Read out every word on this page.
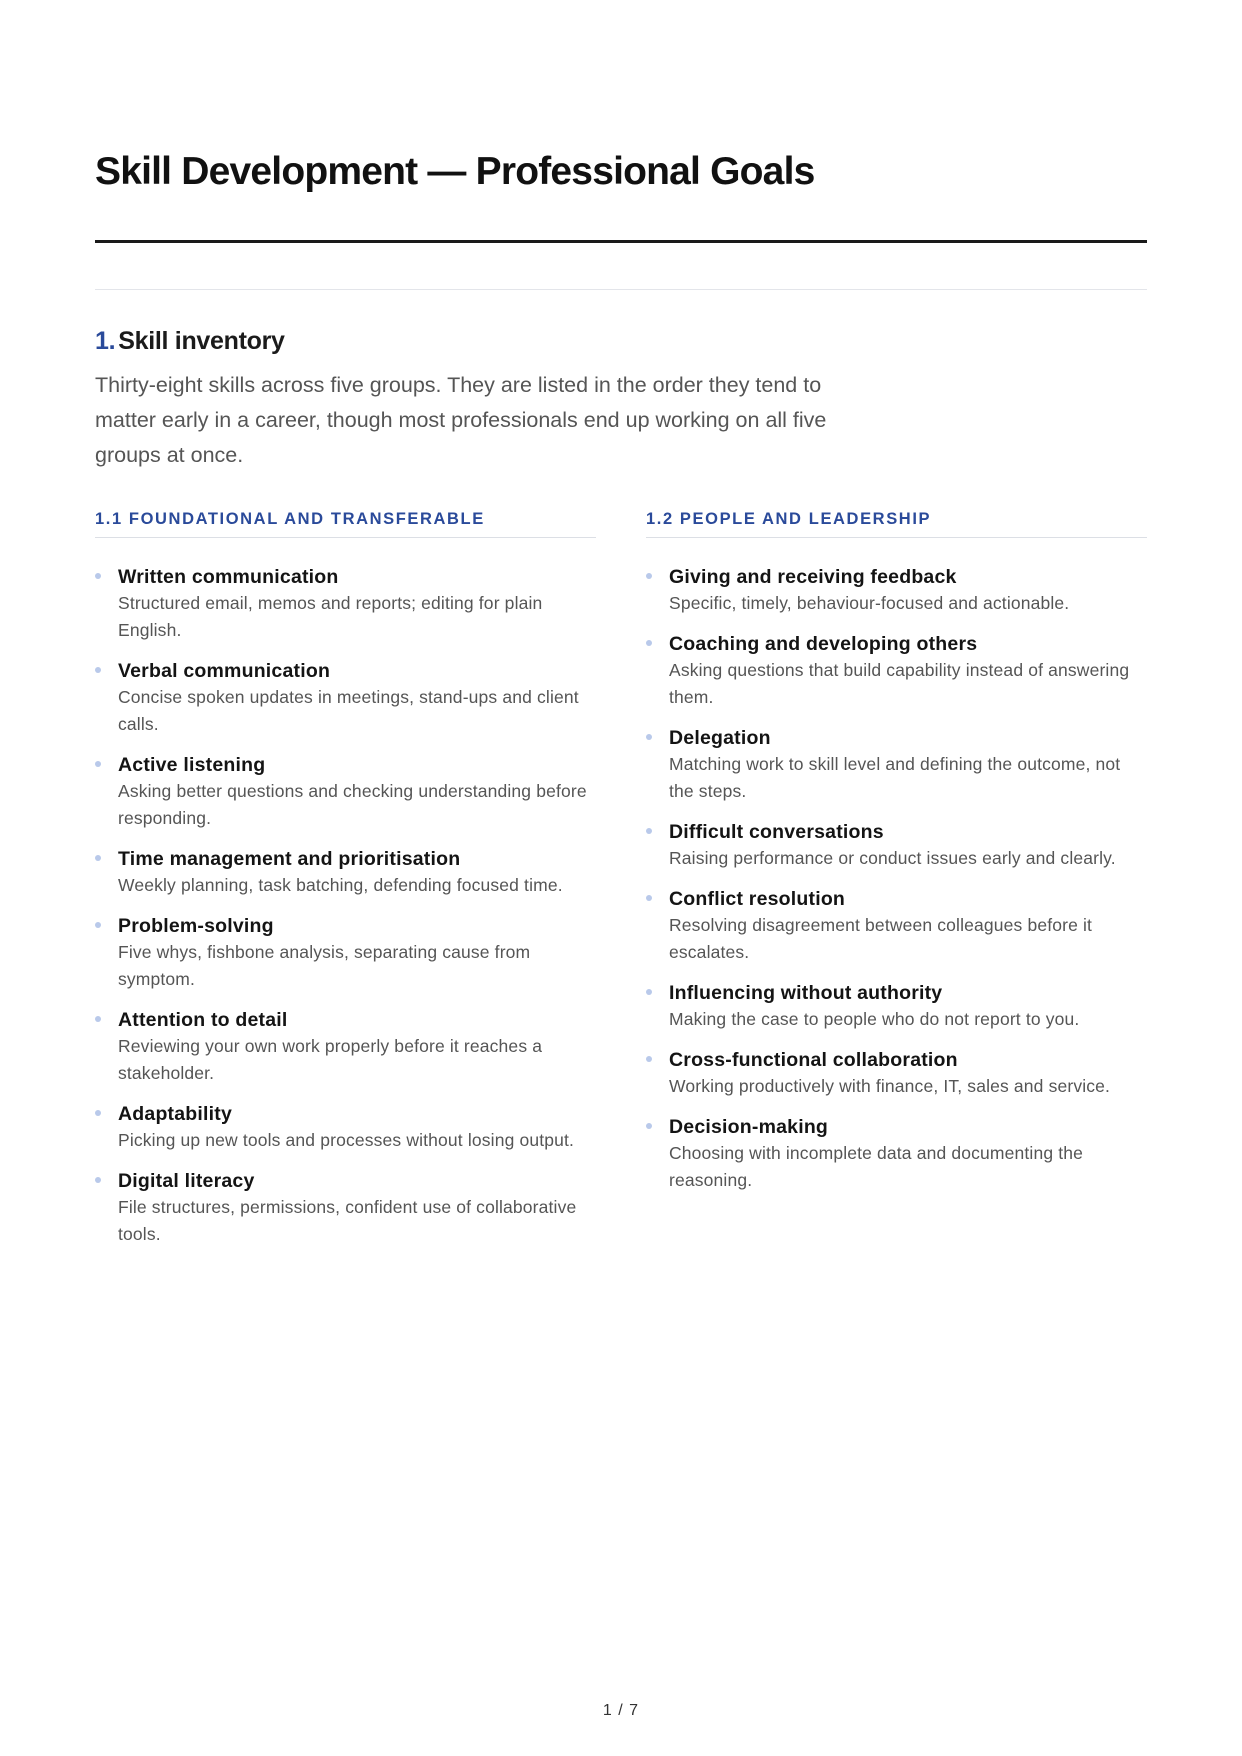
Skill Development — Professional Goals
1. Skill inventory

Thirty-eight skills across five groups. They are listed in the order they tend to matter early in a career, though most professionals end up working on all five groups at once.

1.1 FOUNDATIONAL AND TRANSFERABLE
Written communication
Structured email, memos and reports; editing for plain English.
Verbal communication
Concise spoken updates in meetings, stand-ups and client calls.
Active listening
Asking better questions and checking understanding before responding.
Time management and prioritisation
Weekly planning, task batching, defending focused time.
Problem-solving
Five whys, fishbone analysis, separating cause from symptom.
Attention to detail
Reviewing your own work properly before it reaches a stakeholder.
Adaptability
Picking up new tools and processes without losing output.
Digital literacy
File structures, permissions, confident use of collaborative tools.
1.2 PEOPLE AND LEADERSHIP
Giving and receiving feedback
Specific, timely, behaviour-focused and actionable.
Coaching and developing others
Asking questions that build capability instead of answering them.
Delegation
Matching work to skill level and defining the outcome, not the steps.
Difficult conversations
Raising performance or conduct issues early and clearly.
Conflict resolution
Resolving disagreement between colleagues before it escalates.
Influencing without authority
Making the case to people who do not report to you.
Cross-functional collaboration
Working productively with finance, IT, sales and service.
Decision-making
Choosing with incomplete data and documenting the reasoning.
1 / 7
